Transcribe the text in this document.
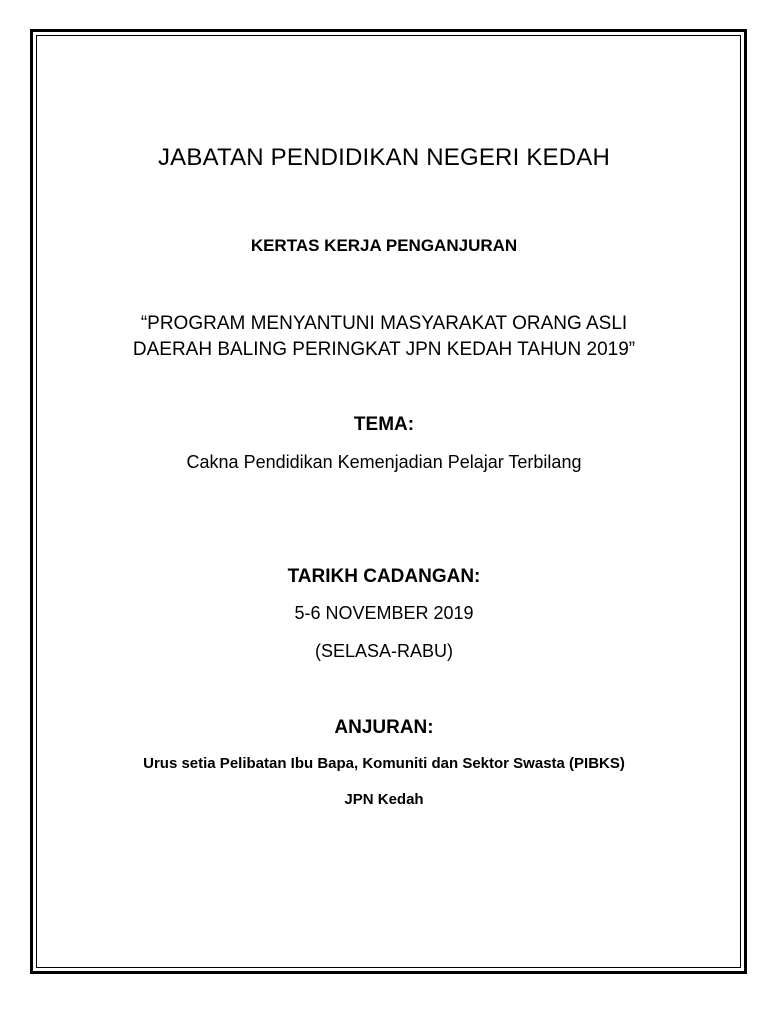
JABATAN PENDIDIKAN NEGERI KEDAH
KERTAS KERJA PENGANJURAN
“PROGRAM MENYANTUNI MASYARAKAT ORANG ASLI
DAERAH BALING PERINGKAT JPN KEDAH TAHUN 2019”
TEMA:
Cakna Pendidikan Kemenjadian Pelajar Terbilang
TARIKH CADANGAN:
5-6 NOVEMBER 2019
(SELASA-RABU)
ANJURAN:
Urus setia Pelibatan Ibu Bapa, Komuniti dan Sektor Swasta (PIBKS)
JPN Kedah
